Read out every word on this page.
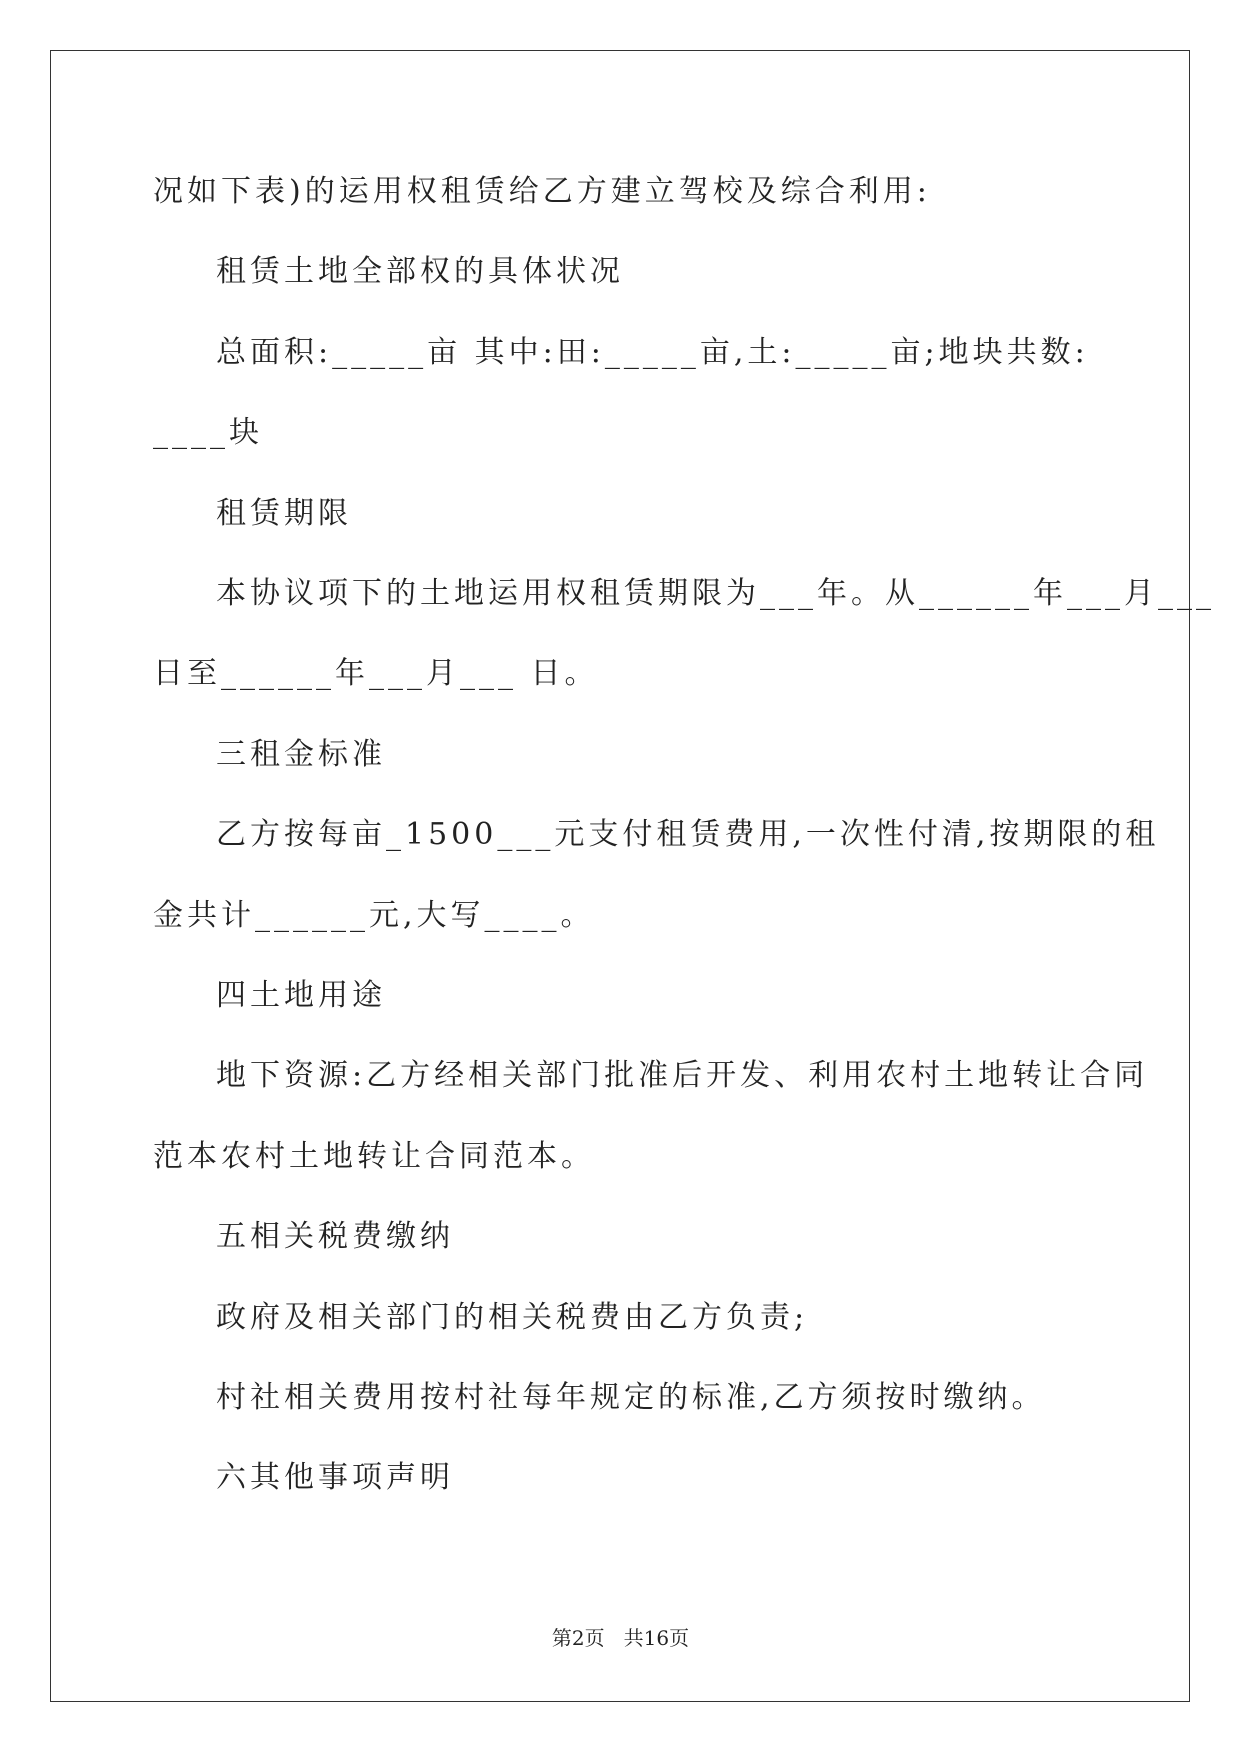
况如下表)的运用权租赁给乙方建立驾校及综合利用:
租赁土地全部权的具体状况
总面积:_____亩 其中:田:_____亩,土:_____亩;地块共数:
____块
租赁期限
本协议项下的土地运用权租赁期限为___年。从______年___月___
日至______年___月___ 日。
三租金标准
乙方按每亩_1500___元支付租赁费用,一次性付清,按期限的租
金共计______元,大写____。
四土地用途
地下资源:乙方经相关部门批准后开发、利用农村土地转让合同
范本农村土地转让合同范本。
五相关税费缴纳
政府及相关部门的相关税费由乙方负责;
村社相关费用按村社每年规定的标准,乙方须按时缴纳。
六其他事项声明
第2页   共16页
